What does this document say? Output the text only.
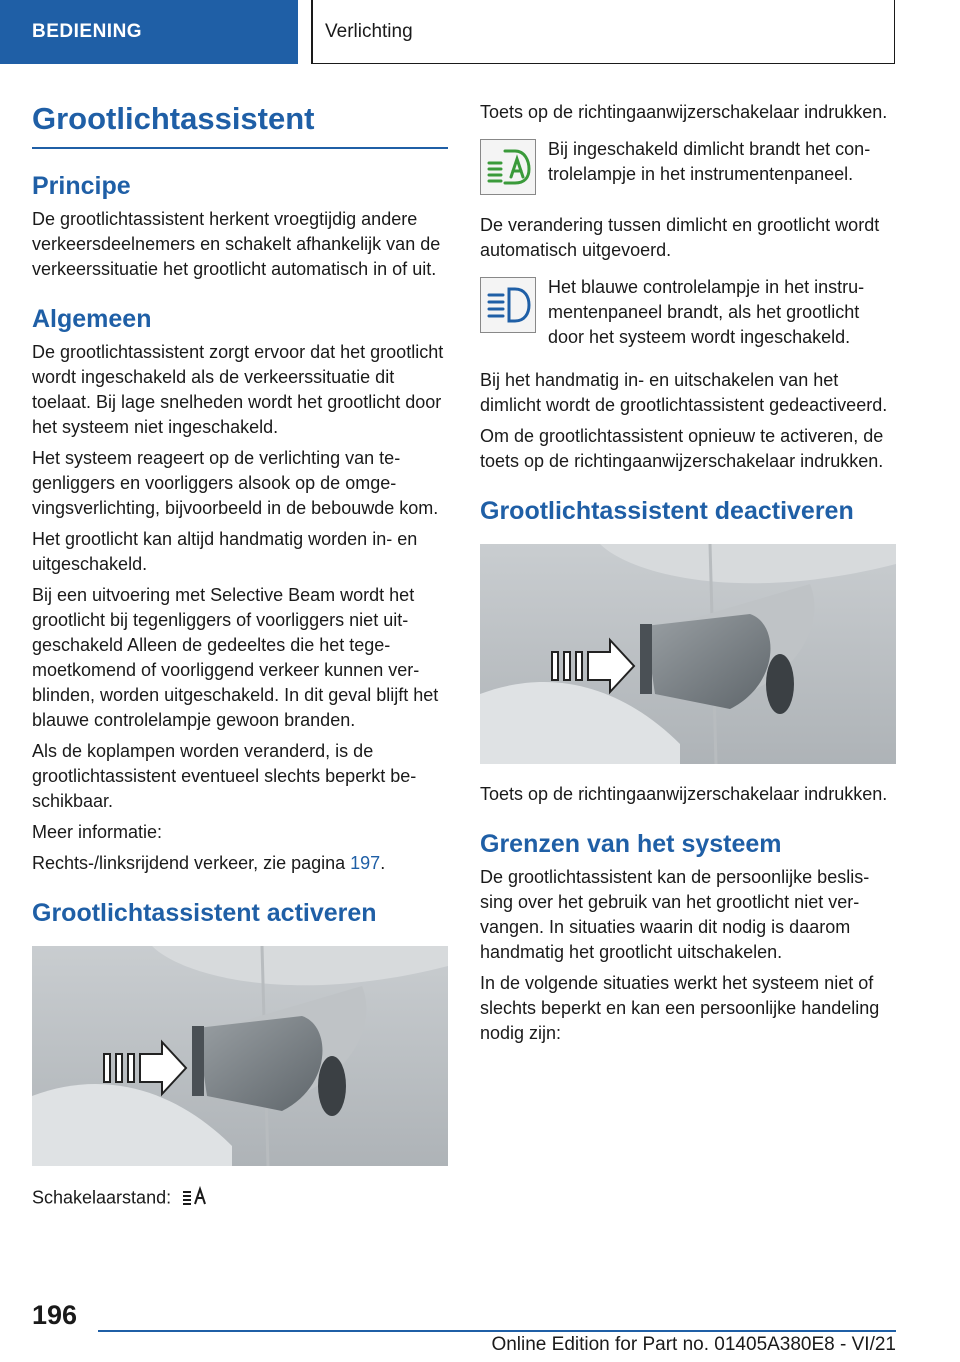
BEDIENING	Verlichting
Grootlichtassistent
Principe

De grootlichtassistent herkent vroegtijdig andere verkeersdeelnemers en schakelt afhankelijk van de verkeerssituatie het grootlicht automatisch in of uit.

Algemeen

De grootlichtassistent zorgt ervoor dat het grootlicht wordt ingeschakeld als de verkeerssituatie dit toelaat. Bij lage snelheden wordt het grootlicht door het systeem niet ingeschakeld.

Het systeem reageert op de verlichting van tegenliggers en voorliggers alsook op de omgevingsverlichting, bijvoorbeeld in de bebouwde kom.

Het grootlicht kan altijd handmatig worden in- en uitgeschakeld.

Bij een uitvoering met Selective Beam wordt het grootlicht bij tegenliggers of voorliggers niet uitgeschakeld Alleen de gedeeltes die het tegemoetkomend of voorliggend verkeer kunnen verblinden, worden uitgeschakeld. In dit geval blijft het blauwe controlelampje gewoon branden.

Als de koplampen worden veranderd, is de grootlichtassistent eventueel slechts beperkt beschikbaar.

Meer informatie:

Rechts-/linksrijdend verkeer, zie pagina 197.

Grootlichtassistent activeren

Schakelaarstand:

Toets op de richtingaanwijzerschakelaar indrukken.

Bij ingeschakeld dimlicht brandt het controlelampje in het instrumentenpaneel.

De verandering tussen dimlicht en grootlicht wordt automatisch uitgevoerd.

Het blauwe controlelampje in het instrumentenpaneel brandt, als het grootlicht door het systeem wordt ingeschakeld.

Bij het handmatig in- en uitschakelen van het dimlicht wordt de grootlichtassistent gedeactiveerd.

Om de grootlichtassistent opnieuw te activeren, de toets op de richtingaanwijzerschakelaar indrukken.

Grootlichtassistent deactiveren

Toets op de richtingaanwijzerschakelaar indrukken.

Grenzen van het systeem

De grootlichtassistent kan de persoonlijke beslissing over het gebruik van het grootlicht niet vervangen. In situaties waarin dit nodig is daarom handmatig het grootlicht uitschakelen.

In de volgende situaties werkt het systeem niet of slechts beperkt en kan een persoonlijke handeling nodig zijn:

196
Online Edition for Part no. 01405A380E8 - VI/21
